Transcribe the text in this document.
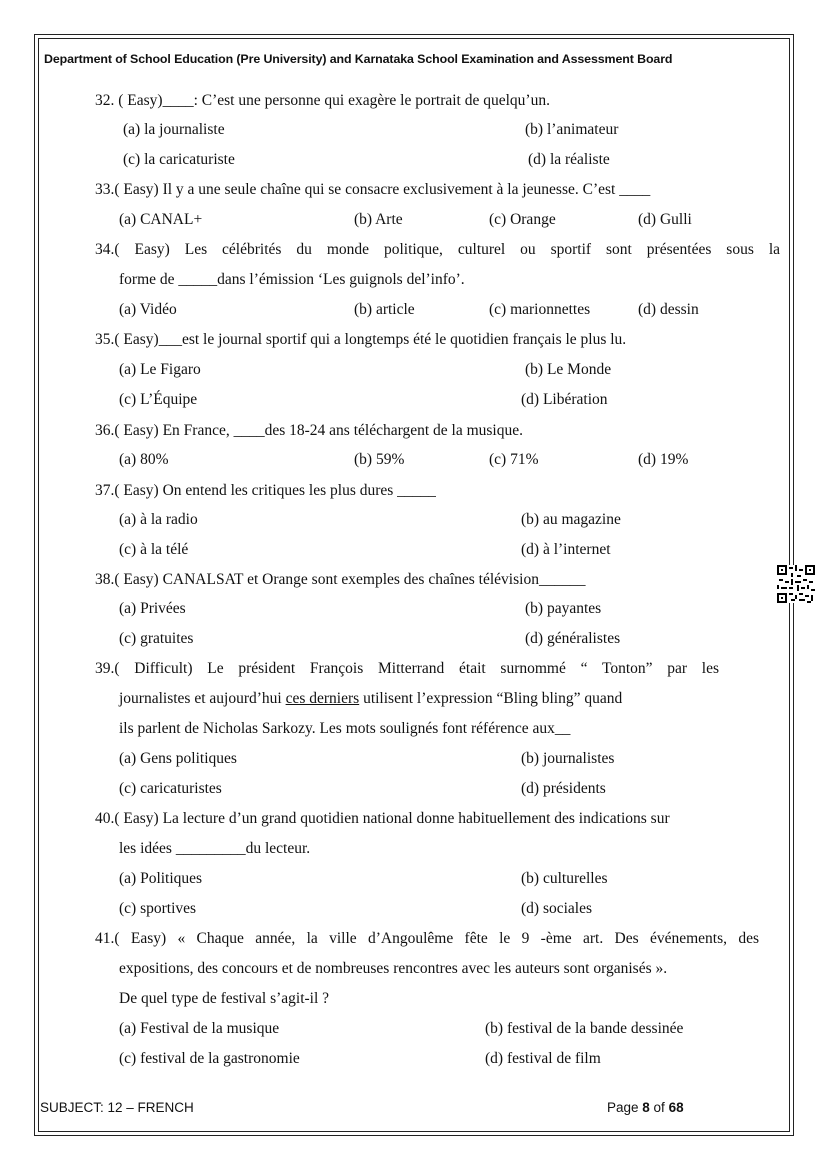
Department of School Education (Pre University) and Karnataka School Examination and Assessment Board
32. ( Easy)____: C’est une personne qui exagère le portrait de quelqu’un.
(a) la journaliste	(b) l’animateur
(c) la caricaturiste	(d) la réaliste
33.( Easy) Il y a une seule chaîne qui se consacre exclusivement à la jeunesse. C’est ____
(a) CANAL+	(b) Arte	(c) Orange	(d) Gulli
34.( Easy) Les célébrités du monde politique, culturel ou sportif sont présentées sous la
forme de _____dans l’émission ‘Les guignols del’info’.
(a) Vidéo	(b) article	(c) marionnettes	(d) dessin
35.( Easy)___est le journal sportif qui a longtemps été le quotidien français le plus lu.
(a) Le Figaro	(b) Le Monde
(c) L’Équipe	(d) Libération
36.( Easy) En France, ____des 18-24 ans téléchargent de la musique.
(a) 80%	(b) 59%	(c) 71%	(d) 19%
37.( Easy) On entend les critiques les plus dures _____
(a) à la radio	(b) au magazine
(c) à la télé	(d) à l’internet
38.( Easy) CANALSAT et Orange sont exemples des chaînes télévision______
(a) Privées	(b) payantes
(c) gratuites	(d) généralistes
39.( Difficult) Le président François Mitterrand était surnommé “ Tonton” par les
journalistes et aujourd’hui ces derniers utilisent l’expression “Bling bling” quand
ils parlent de Nicholas Sarkozy. Les mots soulignés font référence aux__
(a) Gens politiques	(b) journalistes
(c) caricaturistes	(d) présidents
40.( Easy) La lecture d’un grand quotidien national donne habituellement des indications sur
les idées _________du lecteur.
(a) Politiques	(b) culturelles
(c) sportives	(d) sociales
41.( Easy) « Chaque année, la ville d’Angoulême fête le 9 -ème art. Des événements, des
expositions, des concours et de nombreuses rencontres avec les auteurs sont organisés ».
De quel type de festival s’agit-il ?
(a) Festival de la musique	(b) festival de la bande dessinée
(c) festival de la gastronomie	(d) festival de film
SUBJECT: 12 – FRENCH	Page 8 of 68
